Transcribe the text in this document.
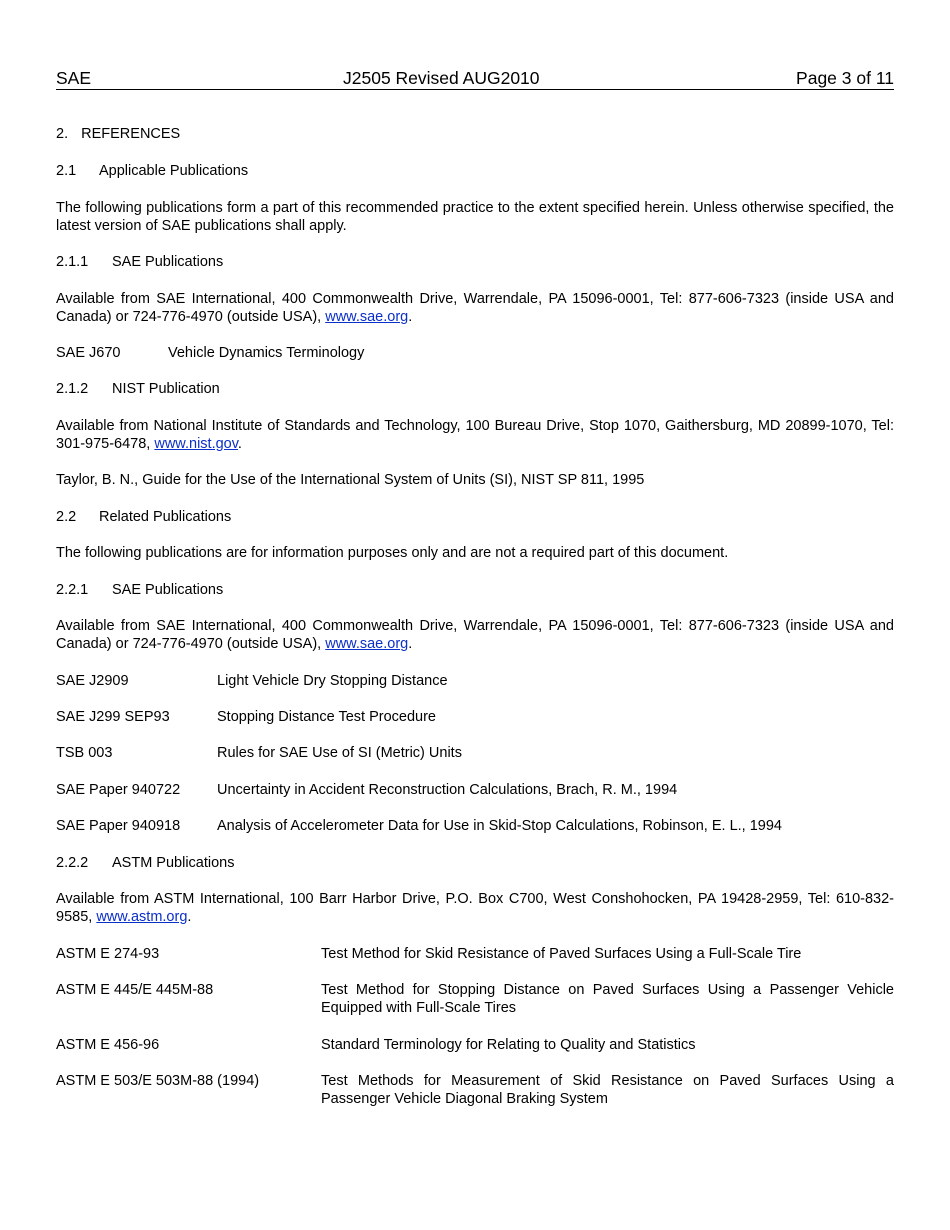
SAE	J2505 Revised AUG2010	Page 3 of 11
2. REFERENCES
2.1 Applicable Publications
The following publications form a part of this recommended practice to the extent specified herein. Unless otherwise specified, the latest version of SAE publications shall apply.
2.1.1 SAE Publications
Available from SAE International, 400 Commonwealth Drive, Warrendale, PA 15096-0001, Tel: 877-606-7323 (inside USA and Canada) or 724-776-4970 (outside USA), www.sae.org.
SAE J670	Vehicle Dynamics Terminology
2.1.2 NIST Publication
Available from National Institute of Standards and Technology, 100 Bureau Drive, Stop 1070, Gaithersburg, MD 20899-1070, Tel: 301-975-6478, www.nist.gov.
Taylor, B. N., Guide for the Use of the International System of Units (SI), NIST SP 811, 1995
2.2 Related Publications
The following publications are for information purposes only and are not a required part of this document.
2.2.1 SAE Publications
Available from SAE International, 400 Commonwealth Drive, Warrendale, PA 15096-0001, Tel: 877-606-7323 (inside USA and Canada) or 724-776-4970 (outside USA), www.sae.org.
SAE J2909	Light Vehicle Dry Stopping Distance
SAE J299 SEP93	Stopping Distance Test Procedure
TSB 003	Rules for SAE Use of SI (Metric) Units
SAE Paper 940722	Uncertainty in Accident Reconstruction Calculations, Brach, R. M., 1994
SAE Paper 940918	Analysis of Accelerometer Data for Use in Skid-Stop Calculations, Robinson, E. L., 1994
2.2.2 ASTM Publications
Available from ASTM International, 100 Barr Harbor Drive, P.O. Box C700, West Conshohocken, PA 19428-2959, Tel: 610-832-9585, www.astm.org.
ASTM E 274-93	Test Method for Skid Resistance of Paved Surfaces Using a Full-Scale Tire
ASTM E 445/E 445M-88	Test Method for Stopping Distance on Paved Surfaces Using a Passenger Vehicle Equipped with Full-Scale Tires
ASTM E 456-96	Standard Terminology for Relating to Quality and Statistics
ASTM E 503/E 503M-88 (1994)	Test Methods for Measurement of Skid Resistance on Paved Surfaces Using a Passenger Vehicle Diagonal Braking System
